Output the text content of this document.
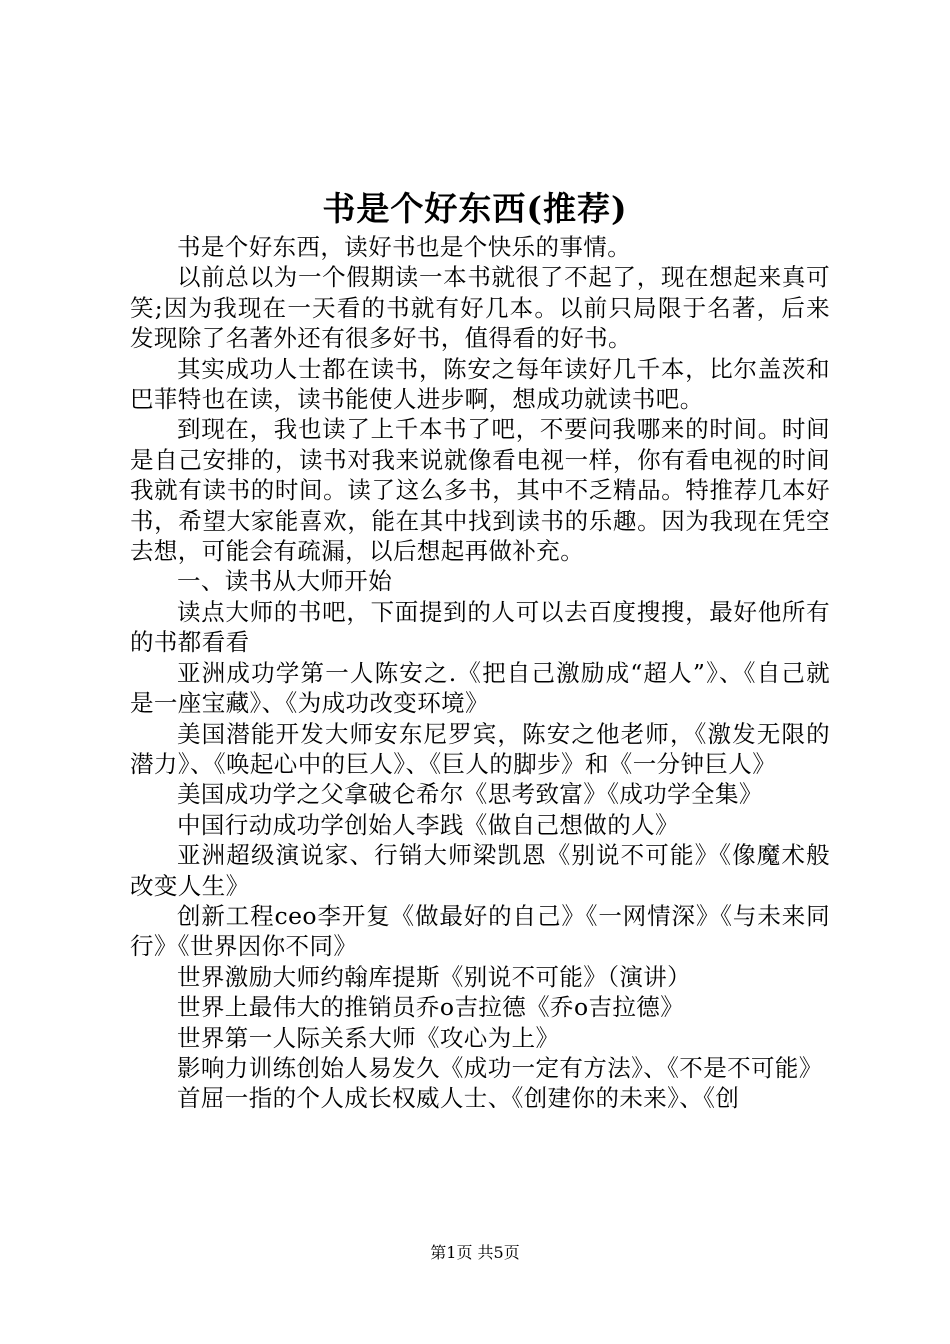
书是个好东西(推荐)

书是个好东西，读好书也是个快乐的事情。

以前总以为一个假期读一本书就很了不起了，现在想起来真可笑;因为我现在一天看的书就有好几本。以前只局限于名著，后来发现除了名著外还有很多好书，值得看的好书。

其实成功人士都在读书，陈安之每年读好几千本，比尔盖茨和巴菲特也在读，读书能使人进步啊，想成功就读书吧。

到现在，我也读了上千本书了吧，不要问我哪来的时间。时间是自己安排的，读书对我来说就像看电视一样，你有看电视的时间我就有读书的时间。读了这么多书，其中不乏精品。特推荐几本好书，希望大家能喜欢，能在其中找到读书的乐趣。因为我现在凭空去想，可能会有疏漏，以后想起再做补充。

一、读书从大师开始

读点大师的书吧，下面提到的人可以去百度搜搜，最好他所有的书都看看

亚洲成功学第一人陈安之.《把自己激励成“超人”》、《自己就是一座宝藏》、《为成功改变环境》

美国潜能开发大师安东尼罗宾，陈安之他老师，《激发无限的潜力》、《唤起心中的巨人》、《巨人的脚步》和《一分钟巨人》

美国成功学之父拿破仑希尔《思考致富》《成功学全集》

中国行动成功学创始人李践《做自己想做的人》

亚洲超级演说家、行销大师梁凯恩《别说不可能》《像魔术般改变人生》

创新工程ceo李开复《做最好的自己》《一网情深》《与未来同行》《世界因你不同》

世界激励大师约翰库提斯《别说不可能》（演讲）

世界上最伟大的推销员乔o吉拉德《乔o吉拉德》

世界第一人际关系大师《攻心为上》

影响力训练创始人易发久《成功一定有方法》、《不是不可能》

首屈一指的个人成长权威人士、《创建你的未来》、《创

第1页 共5页
